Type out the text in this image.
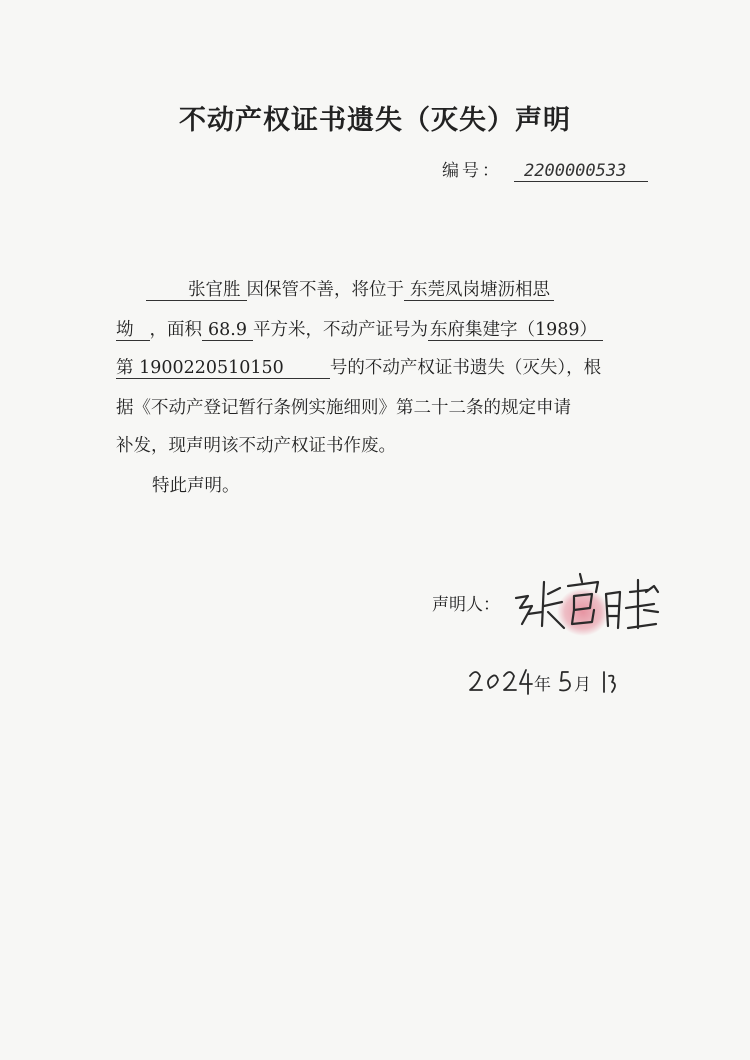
不动产权证书遗失（灭失）声明
编号： 2200000533
张官胜 因保管不善，将位于 东莞凤岗塘沥相思
坳 ，面积 68.9 平方米，不动产证号为 东府集建字（1989）
第 1900220510150	号的不动产权证书遗失（灭失），根
据《不动产登记暂行条例实施细则》第二十二条的规定申请
补发，现声明该不动产权证书作废。
特此声明。
声明人：
年 月
